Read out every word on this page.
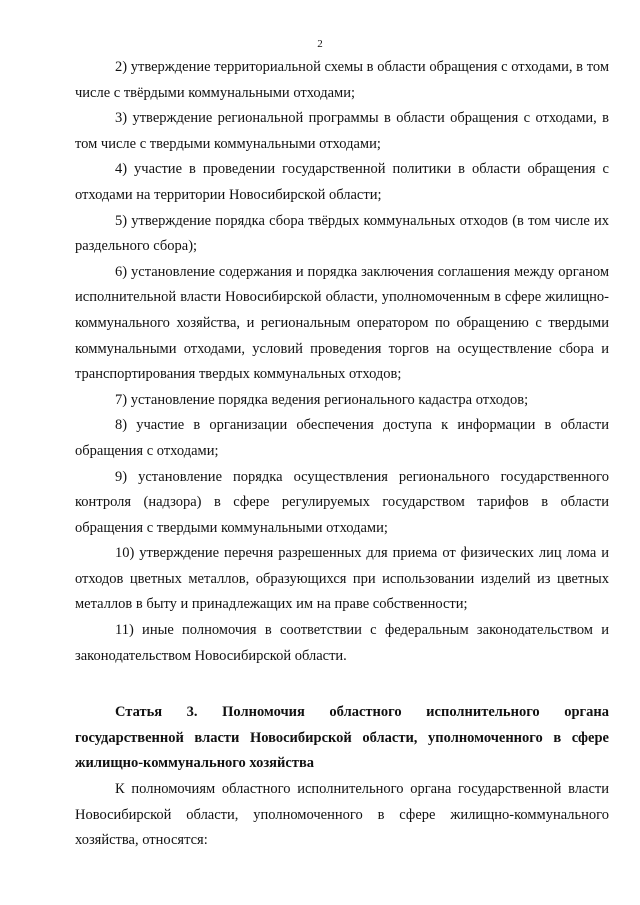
2

2) утверждение территориальной схемы в области обращения с отходами, в том числе с твёрдыми коммунальными отходами;

3) утверждение региональной программы в области обращения с отходами, в том числе с твердыми коммунальными отходами;

4) участие в проведении государственной политики в области обращения с отходами на территории Новосибирской области;

5) утверждение порядка сбора твёрдых коммунальных отходов (в том числе их раздельного сбора);

6) установление содержания и порядка заключения соглашения между органом исполнительной власти Новосибирской области, уполномоченным в сфере жилищно-коммунального хозяйства, и региональным оператором по обращению с твердыми коммунальными отходами, условий проведения торгов на осуществление сбора и транспортирования твердых коммунальных отходов;

7) установление порядка ведения регионального кадастра отходов;

8) участие в организации обеспечения доступа к информации в области обращения с отходами;

9) установление порядка осуществления регионального государственного контроля (надзора) в сфере регулируемых государством тарифов в области обращения с твердыми коммунальными отходами;

10) утверждение перечня разрешенных для приема от физических лиц лома и отходов цветных металлов, образующихся при использовании изделий из цветных металлов в быту и принадлежащих им на праве собственности;

11) иные полномочия в соответствии с федеральным законодательством и законодательством Новосибирской области.

Статья 3. Полномочия областного исполнительного органа государственной власти Новосибирской области, уполномоченного в сфере жилищно-коммунального хозяйства

К полномочиям областного исполнительного органа государственной власти Новосибирской области, уполномоченного в сфере жилищно-коммунального хозяйства, относятся:
